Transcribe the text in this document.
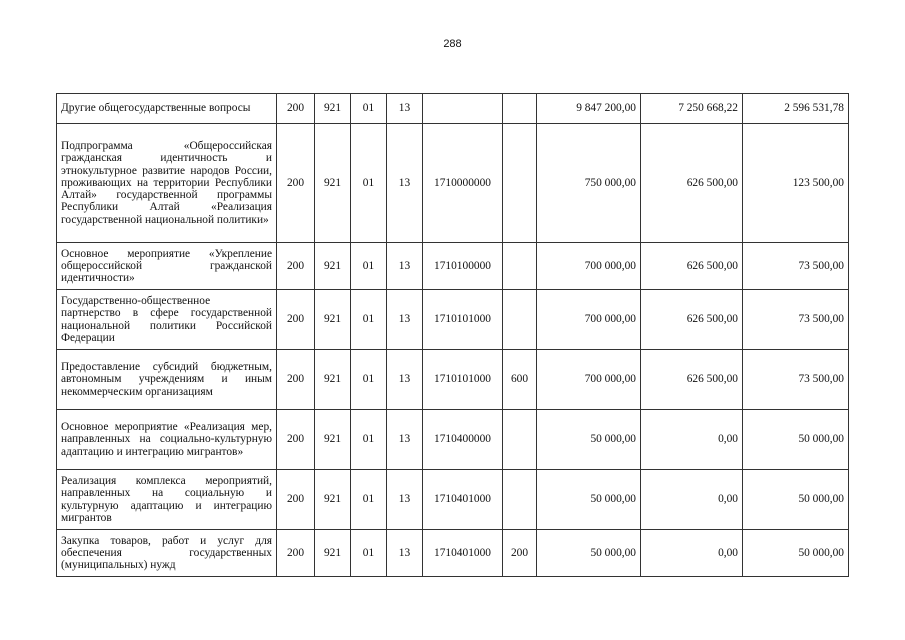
288
Другие общегосударственные вопросы	200	921	01	13			9 847 200,00	7 250 668,22	2 596 531,78
Подпрограмма «Общероссийская гражданская идентичность и этнокультурное развитие народов России, проживающих на территории Республики Алтай» государственной программы Республики Алтай «Реализация государственной национальной политики»	200	921	01	13	1710000000		750 000,00	626 500,00	123 500,00
Основное мероприятие «Укрепление общероссийской гражданской идентичности»	200	921	01	13	1710100000		700 000,00	626 500,00	73 500,00
Государственно-общественное партнерство в сфере государственной национальной политики Российской Федерации	200	921	01	13	1710101000		700 000,00	626 500,00	73 500,00
Предоставление субсидий бюджетным, автономным учреждениям и иным некоммерческим организациям	200	921	01	13	1710101000	600	700 000,00	626 500,00	73 500,00
Основное мероприятие «Реализация мер, направленных на социально-культурную адаптацию и интеграцию мигрантов»	200	921	01	13	1710400000		50 000,00	0,00	50 000,00
Реализация комплекса мероприятий, направленных на социальную и культурную адаптацию и интеграцию мигрантов	200	921	01	13	1710401000		50 000,00	0,00	50 000,00
Закупка товаров, работ и услуг для обеспечения государственных (муниципальных) нужд	200	921	01	13	1710401000	200	50 000,00	0,00	50 000,00
